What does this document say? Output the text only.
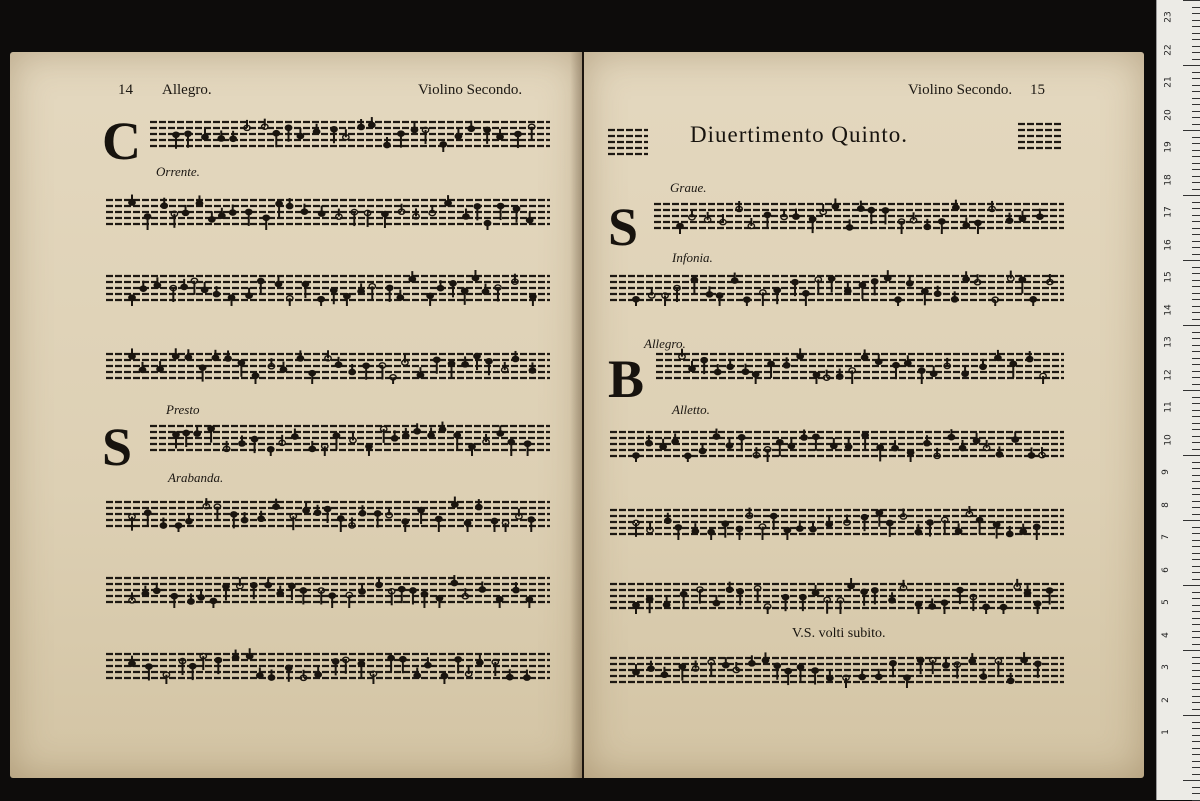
14 Allegro.	Violino Secondo.
C
Orrente.
S
Presto
Arabanda.
Violino Secondo. 15
Diuertimento Quinto.
Graue.
S
Infonia.
Allegro.
B
Alletto.
V.S. volti subito.
23
22
21
20
19
18
17
16
15
14
13
12
11
10
9
8
7
6
5
4
3
2
1
